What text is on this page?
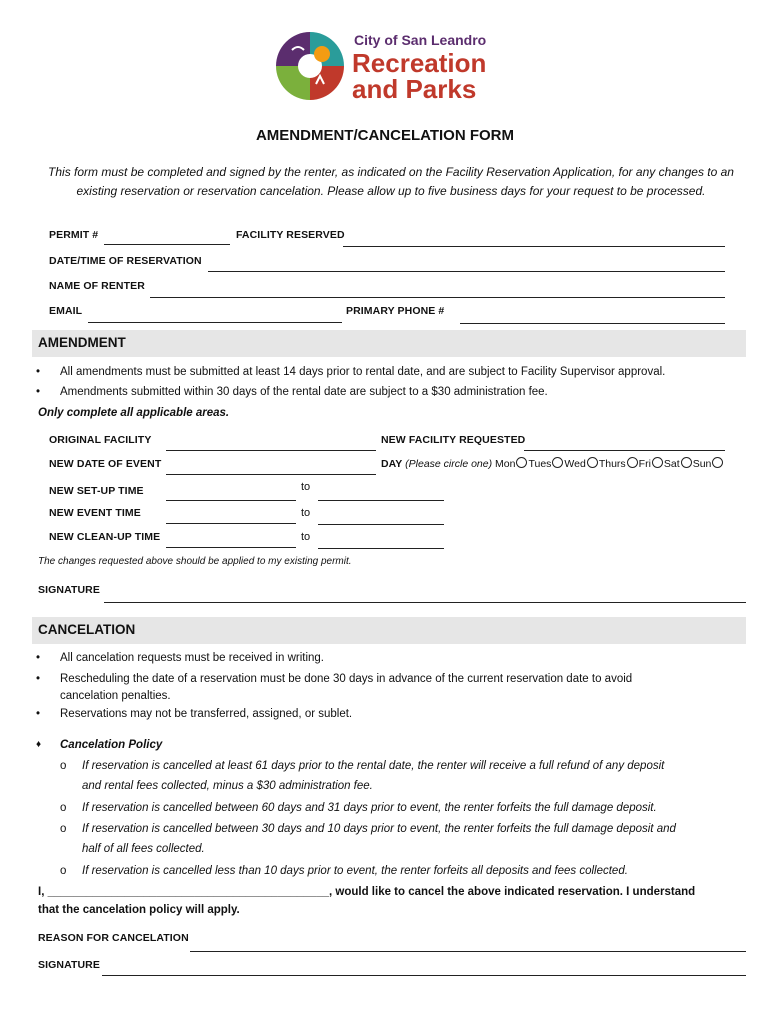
City of San Leandro
Recreation
and Parks
AMENDMENT/CANCELATION FORM
This form must be completed and signed by the renter, as indicated on the Facility Reservation Application, for any changes to an existing reservation or reservation cancelation. Please allow up to five business days for your request to be processed.
PERMIT #	FACILITY RESERVED
DATE/TIME OF RESERVATION
NAME OF RENTER
EMAIL	PRIMARY PHONE #
AMENDMENT
• All amendments must be submitted at least 14 days prior to rental date, and are subject to Facility Supervisor approval.
• Amendments submitted within 30 days of the rental date are subject to a $30 administration fee.
Only complete all applicable areas.
ORIGINAL FACILITY	NEW FACILITY REQUESTED
NEW DATE OF EVENT	DAY (Please circle one) Mon Tues Wed Thurs Fri Sat Sun
NEW SET-UP TIME	to
NEW EVENT TIME	to
NEW CLEAN-UP TIME	to
The changes requested above should be applied to my existing permit.
SIGNATURE
CANCELATION
• All cancelation requests must be received in writing.
• Rescheduling the date of a reservation must be done 30 days in advance of the current reservation date to avoid
cancelation penalties.
• Reservations may not be transferred, assigned, or sublet.
♦ Cancelation Policy
o If reservation is cancelled at least 61 days prior to the rental date, the renter will receive a full refund of any deposit
and rental fees collected, minus a $30 administration fee.
o If reservation is cancelled between 60 days and 31 days prior to event, the renter forfeits the full damage deposit.
o If reservation is cancelled between 30 days and 10 days prior to event, the renter forfeits the full damage deposit and
half of all fees collected.
o If reservation is cancelled less than 10 days prior to event, the renter forfeits all deposits and fees collected.
I, ____________________________________________, would like to cancel the above indicated reservation. I understand
that the cancelation policy will apply.
REASON FOR CANCELATION
SIGNATURE
